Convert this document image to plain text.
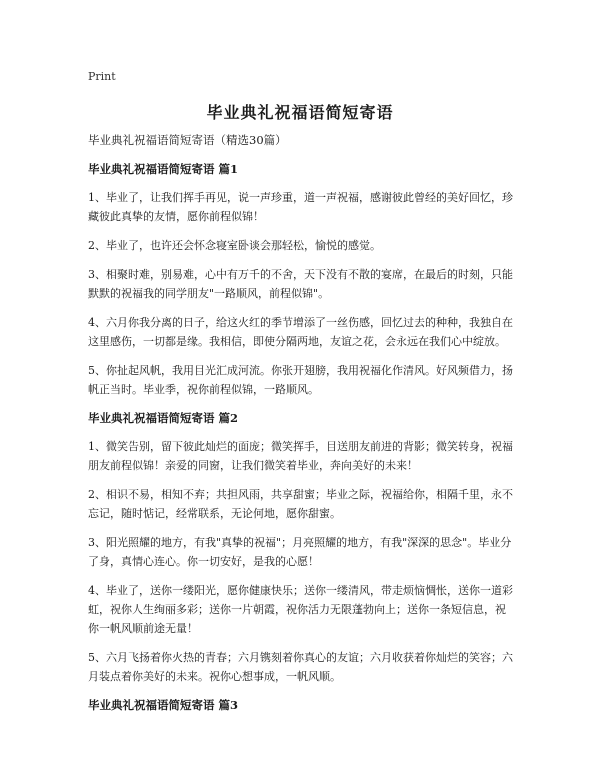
Print
毕业典礼祝福语简短寄语
毕业典礼祝福语简短寄语（精选30篇）
毕业典礼祝福语简短寄语 篇1

1、毕业了，让我们挥手再见，说一声珍重，道一声祝福，感谢彼此曾经的美好回忆，珍藏彼此真挚的友情，愿你前程似锦！

2、毕业了，也许还会怀念寝室卧谈会那轻松，愉悦的感觉。

3、相聚时难，别易难，心中有万千的不舍，天下没有不散的宴席，在最后的时刻，只能默默的祝福我的同学朋友"一路顺风，前程似锦"。

4、六月你我分离的日子，给这火红的季节增添了一丝伤感，回忆过去的种种，我独自在这里感伤，一切都是缘。我相信，即使分隔两地，友谊之花，会永远在我们心中绽放。

5、你扯起风帆，我用目光汇成河流。你张开翅膀，我用祝福化作清风。好风频借力，扬帆正当时。毕业季，祝你前程似锦，一路顺风。

毕业典礼祝福语简短寄语 篇2

1、微笑告别，留下彼此灿烂的面庞；微笑挥手，目送朋友前进的背影；微笑转身，祝福朋友前程似锦！亲爱的同窗，让我们微笑着毕业，奔向美好的未来！

2、相识不易，相知不弃；共担风雨，共享甜蜜；毕业之际，祝福给你，相隔千里，永不忘记，随时惦记，经常联系，无论何地，愿你甜蜜。

3、阳光照耀的地方，有我"真挚的祝福"；月亮照耀的地方，有我"深深的思念"。毕业分了身，真情心连心。你一切安好，是我的心愿！

4、毕业了，送你一缕阳光，愿你健康快乐；送你一缕清风，带走烦恼惆怅，送你一道彩虹，祝你人生绚丽多彩；送你一片朝霞，祝你活力无限蓬勃向上；送你一条短信息，祝你一帆风顺前途无量！

5、六月飞扬着你火热的青春；六月镌刻着你真心的友谊；六月收获着你灿烂的笑容；六月装点着你美好的未来。祝你心想事成，一帆风顺。

毕业典礼祝福语简短寄语 篇3
